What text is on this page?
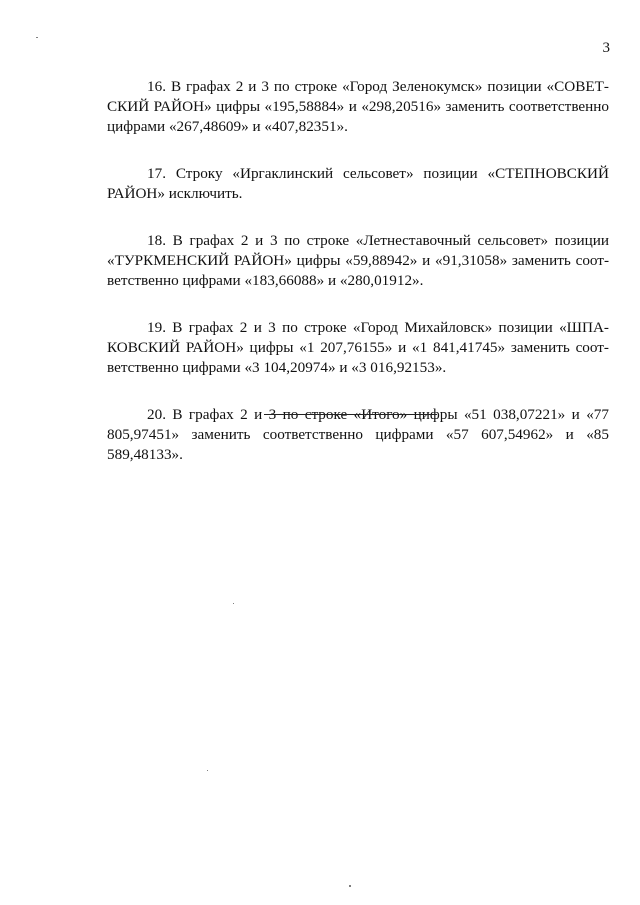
3

16. В графах 2 и 3 по строке «Город Зеленокумск» позиции «СОВЕТ-СКИЙ РАЙОН» цифры «195,58884» и «298,20516» заменить соответственно цифрами «267,48609» и «407,82351».

17. Строку «Иргаклинский сельсовет» позиции «СТЕПНОВСКИЙ РАЙОН» исключить.

18. В графах 2 и 3 по строке «Летнеставочный сельсовет» позиции «ТУРКМЕНСКИЙ РАЙОН» цифры «59,88942» и «91,31058» заменить соот-ветственно цифрами «183,66088» и «280,01912».

19. В графах 2 и 3 по строке «Город Михайловск» позиции «ШПА-КОВСКИЙ РАЙОН» цифры «1 207,76155» и «1 841,41745» заменить соот-ветственно цифрами «3 104,20974» и «3 016,92153».

20. В графах 2 и 3 по строке «Итого» цифры «51 038,07221» и «77 805,97451» заменить соответственно цифрами «57 607,54962» и «85 589,48133».
